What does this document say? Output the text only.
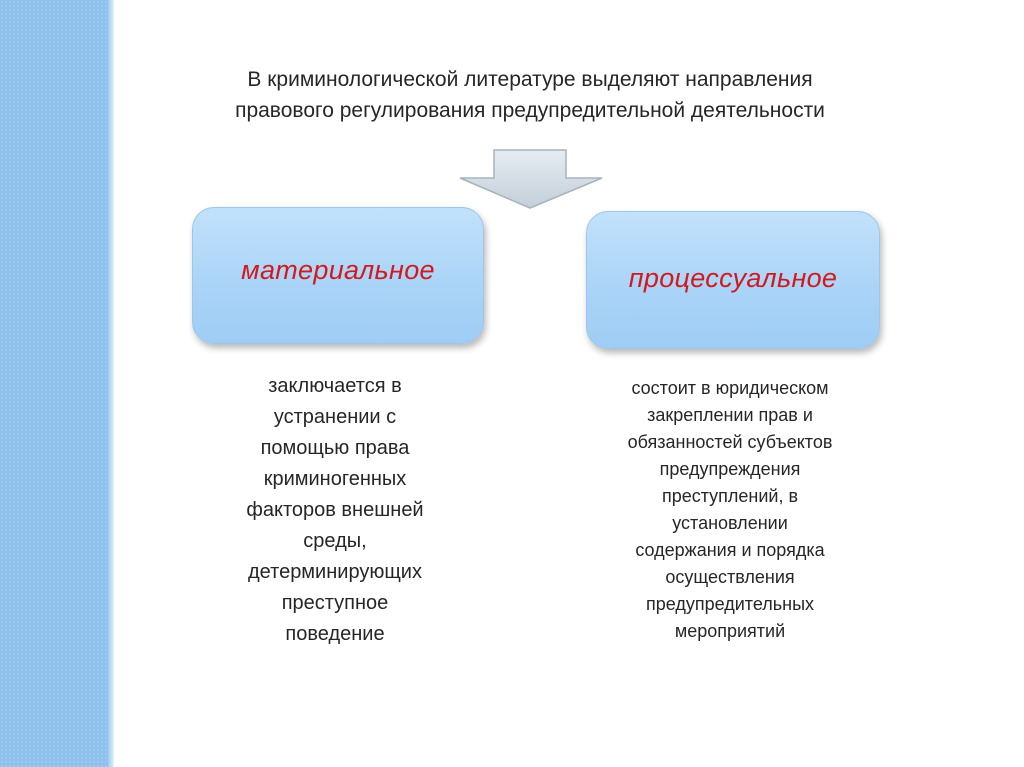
В криминологической литературе выделяют направления
правового регулирования предупредительной деятельности
материальное	процессуальное
заключается в
устранении с
помощью права
криминогенных
факторов внешней
среды,
детерминирующих
преступное
поведение
состоит в юридическом
закреплении прав и
обязанностей субъектов
предупреждения
преступлений, в
установлении
содержания и порядка
осуществления
предупредительных
мероприятий
